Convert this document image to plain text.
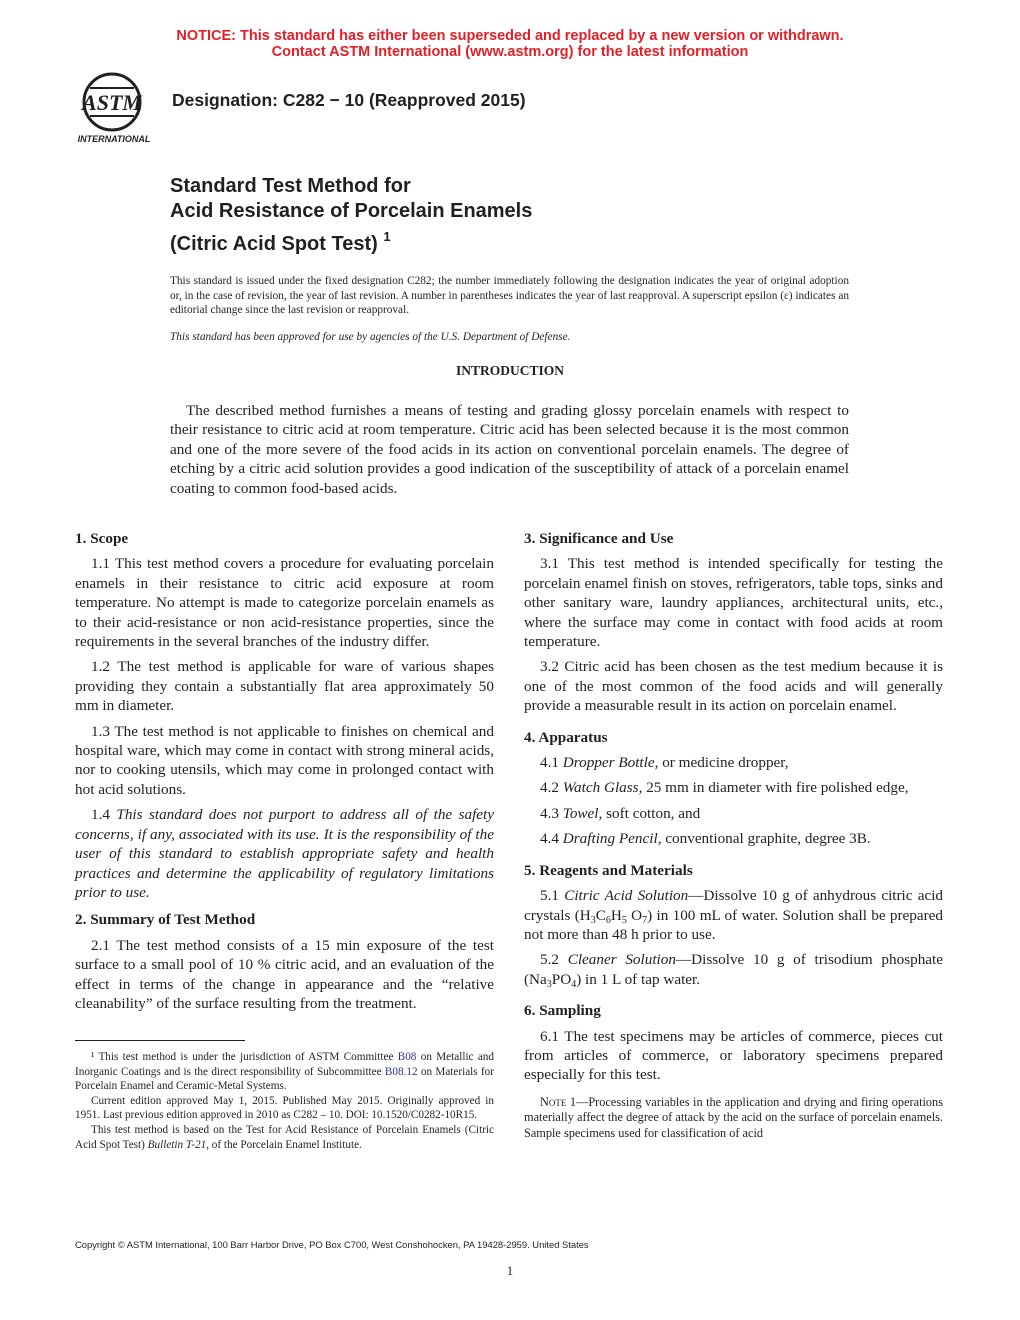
NOTICE: This standard has either been superseded and replaced by a new version or withdrawn.
Contact ASTM International (www.astm.org) for the latest information
ASTM
INTERNATIONAL
Designation: C282 − 10 (Reapproved 2015)
Standard Test Method for
Acid Resistance of Porcelain Enamels
(Citric Acid Spot Test) $^1$
This standard is issued under the fixed designation C282; the number immediately following the designation indicates the year of original adoption or, in the case of revision, the year of last revision. A number in parentheses indicates the year of last reapproval. A superscript epsilon (ε) indicates an editorial change since the last revision or reapproval.
This standard has been approved for use by agencies of the U.S. Department of Defense.
INTRODUCTION
The described method furnishes a means of testing and grading glossy porcelain enamels with respect to their resistance to citric acid at room temperature. Citric acid has been selected because it is the most common and one of the more severe of the food acids in its action on conventional porcelain enamels. The degree of etching by a citric acid solution provides a good indication of the susceptibility of attack of a porcelain enamel coating to common food-based acids.
1. Scope

1.1 This test method covers a procedure for evaluating porcelain enamels in their resistance to citric acid exposure at room temperature. No attempt is made to categorize porcelain enamels as to their acid-resistance or non acid-resistance properties, since the requirements in the several branches of the industry differ.

1.2 The test method is applicable for ware of various shapes providing they contain a substantially flat area approximately 50 mm in diameter.

1.3 The test method is not applicable to finishes on chemical and hospital ware, which may come in contact with strong mineral acids, nor to cooking utensils, which may come in prolonged contact with hot acid solutions.

1.4 This standard does not purport to address all of the safety concerns, if any, associated with its use. It is the responsibility of the user of this standard to establish appropriate safety and health practices and determine the applicability of regulatory limitations prior to use.

2. Summary of Test Method

2.1 The test method consists of a 15 min exposure of the test surface to a small pool of 10 % citric acid, and an evaluation of the effect in terms of the change in appearance and the “relative cleanability” of the surface resulting from the treatment.

¹ This test method is under the jurisdiction of ASTM Committee B08 on Metallic and Inorganic Coatings and is the direct responsibility of Subcommittee B08.12 on Materials for Porcelain Enamel and Ceramic-Metal Systems.

Current edition approved May 1, 2015. Published May 2015. Originally approved in 1951. Last previous edition approved in 2010 as C282 – 10. DOI: 10.1520/C0282-10R15.

This test method is based on the Test for Acid Resistance of Porcelain Enamels (Citric Acid Spot Test) Bulletin T-21, of the Porcelain Enamel Institute.

3. Significance and Use

3.1 This test method is intended specifically for testing the porcelain enamel finish on stoves, refrigerators, table tops, sinks and other sanitary ware, laundry appliances, architectural units, etc., where the surface may come in contact with food acids at room temperature.

3.2 Citric acid has been chosen as the test medium because it is one of the most common of the food acids and will generally provide a measurable result in its action on porcelain enamel.

4. Apparatus

4.1 Dropper Bottle, or medicine dropper,

4.2 Watch Glass, 25 mm in diameter with fire polished edge,

4.3 Towel, soft cotton, and

4.4 Drafting Pencil, conventional graphite, degree 3B.

5. Reagents and Materials

5.1 Citric Acid Solution—Dissolve 10 g of anhydrous citric acid crystals ($H_3C_6H_5$ $O_7$) in 100 mL of water. Solution shall be prepared not more than 48 h prior to use.

5.2 Cleaner Solution—Dissolve 10 g of trisodium phosphate $(Na_3PO_4)$ in 1 L of tap water.

6. Sampling

6.1 The test specimens may be articles of commerce, pieces cut from articles of commerce, or laboratory specimens prepared especially for this test.

Note 1—Processing variables in the application and drying and firing operations materially affect the degree of attack by the acid on the surface of porcelain enamels. Sample specimens used for classification of acid

Copyright © ASTM International, 100 Barr Harbor Drive, PO Box C700, West Conshohocken, PA 19428-2959. United States
1
